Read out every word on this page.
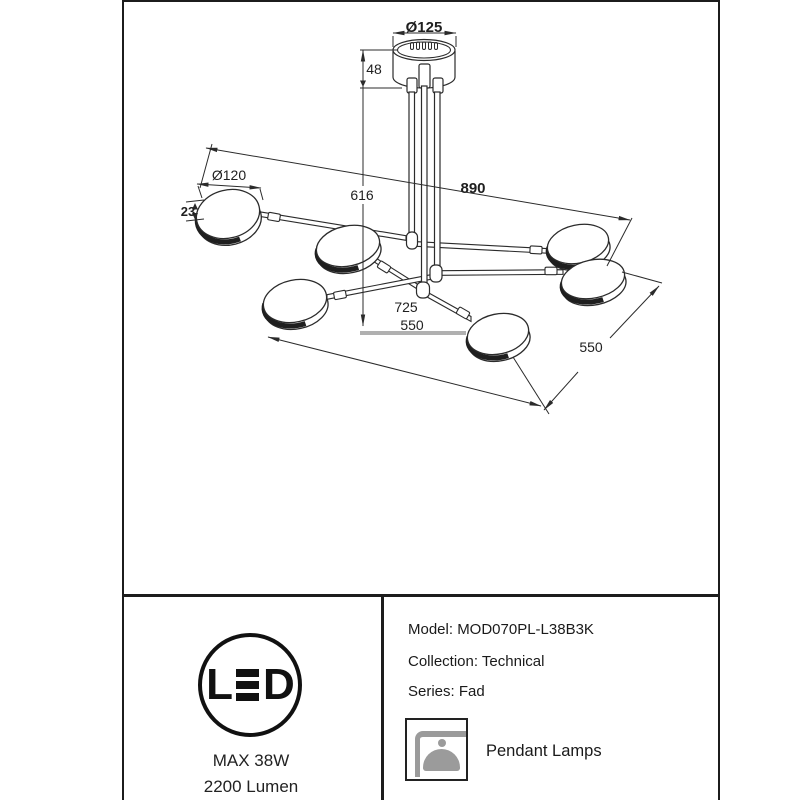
Ø125
48
Ø120
23
616	890
725
550
550
L D
MAX 38W
2200 Lumen
Model: MOD070PL-L38B3K
Collection: Technical
Series: Fad
Pendant Lamps
